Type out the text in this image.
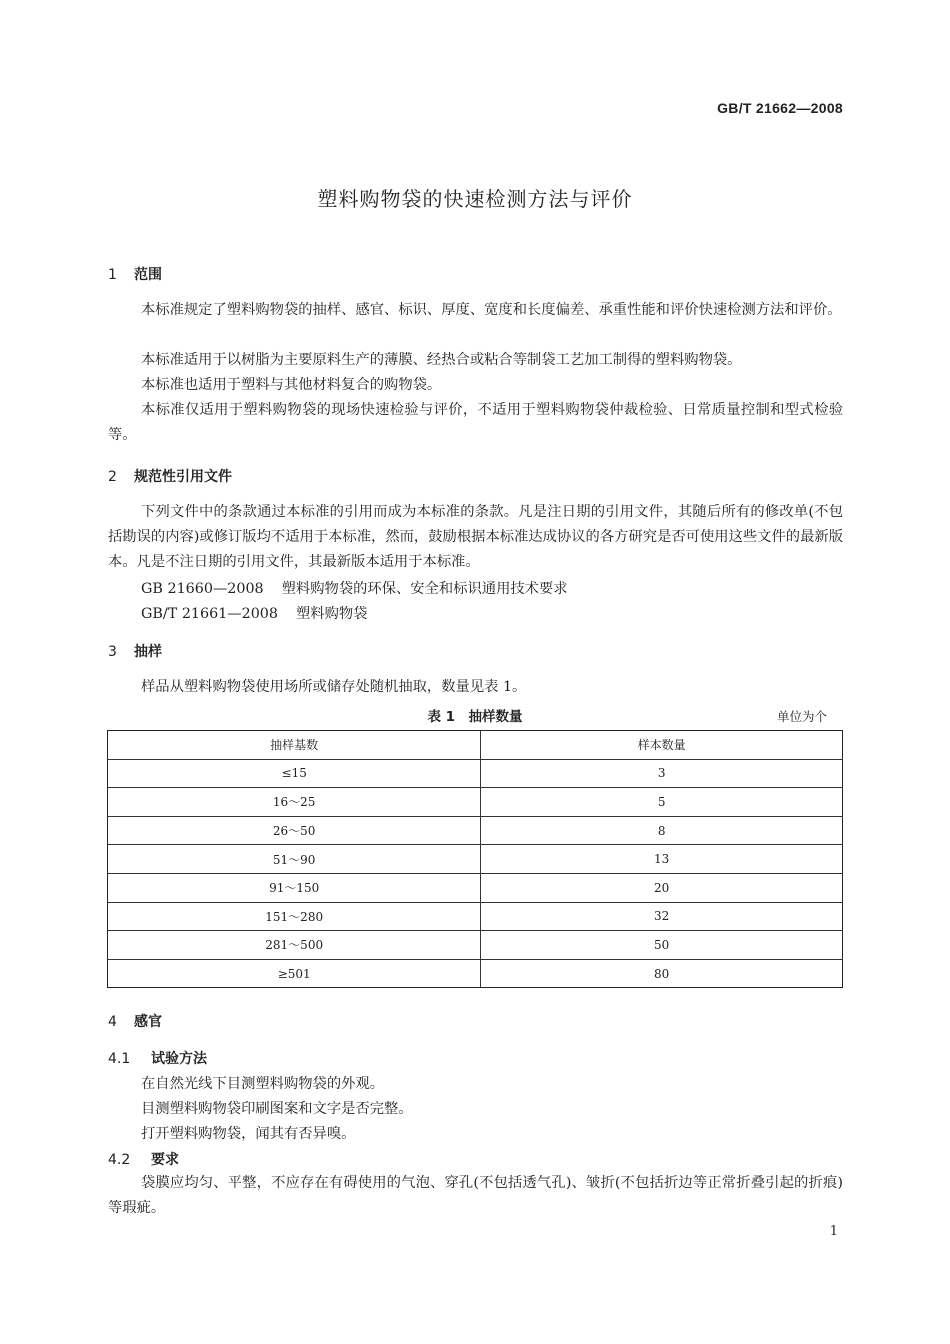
GB/T 21662—2008
塑料购物袋的快速检测方法与评价
1 范围
本标准规定了塑料购物袋的抽样、感官、标识、厚度、宽度和长度偏差、承重性能和评价快速检测方法和评价。
本标准适用于以树脂为主要原料生产的薄膜、经热合或粘合等制袋工艺加工制得的塑料购物袋。
本标准也适用于塑料与其他材料复合的购物袋。
本标准仅适用于塑料购物袋的现场快速检验与评价，不适用于塑料购物袋仲裁检验、日常质量控制和型式检验等。
2 规范性引用文件
下列文件中的条款通过本标准的引用而成为本标准的条款。凡是注日期的引用文件，其随后所有的修改单(不包括勘误的内容)或修订版均不适用于本标准，然而，鼓励根据本标准达成协议的各方研究是否可使用这些文件的最新版本。凡是不注日期的引用文件，其最新版本适用于本标准。
GB 21660—2008 塑料购物袋的环保、安全和标识通用技术要求
GB/T 21661—2008 塑料购物袋
3 抽样
样品从塑料购物袋使用场所或储存处随机抽取，数量见表 1。
表 1　抽样数量	单位为个
抽样基数	样本数量
≤15	3
16～25	5
26～50	8
51～90	13
91～150	20
151～280	32
281～500	50
≥501	80
4 感官
4.1 试验方法
在自然光线下目测塑料购物袋的外观。
目测塑料购物袋印刷图案和文字是否完整。
打开塑料购物袋，闻其有否异嗅。
4.2 要求
袋膜应均匀、平整，不应存在有碍使用的气泡、穿孔(不包括透气孔)、皱折(不包括折边等正常折叠引起的折痕)等瑕疵。
1
